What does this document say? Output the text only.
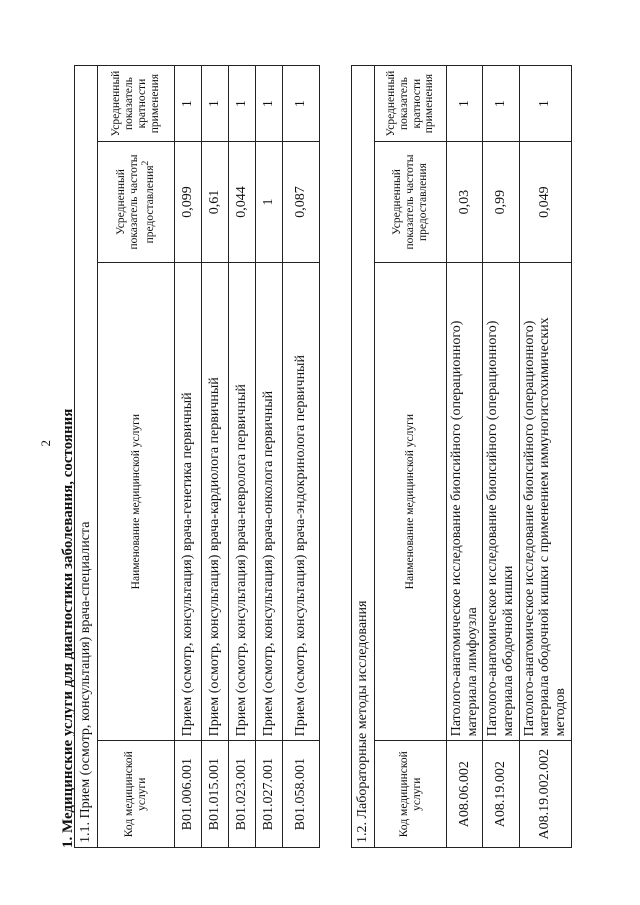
2 1. Медицинские услуги для диагностики заболевания, состояния 1.1. Прием (осмотр, консультация) врача-специалиста			
Код медицинской услуги	Наименование медицинской услуги	Усредненный показатель частоты предоставления$^2$	Усредненный показатель кратности применения
B01.006.001	Прием (осмотр, консультация) врача-генетика первичный	0,099	1
B01.015.001	Прием (осмотр, консультация) врача-кардиолога первичный	0,61	1
B01.023.001	Прием (осмотр, консультация) врача-невролога первичный	0,044	1
B01.027.001	Прием (осмотр, консультация) врача-онколога первичный	1	1
B01.058.001	Прием (осмотр, консультация) врача-эндокринолога первичный	0,087	1
1.2. Лабораторные методы исследования			
Код медицинской услуги	Наименование медицинской услуги	Усредненный показатель частоты предоставления	Усредненный показатель кратности применения
A08.06.002	Патолого-анатомическое исследование биопсийного (операционного) материала лимфоузла	0,03	1
A08.19.002	Патолого-анатомическое исследование биопсийного (операционного) материала ободочной кишки	0,99	1
A08.19.002.002	Патолого-анатомическое исследование биопсийного (операционного) материала ободочной кишки с применением иммуногистохимических методов	0,049	1
